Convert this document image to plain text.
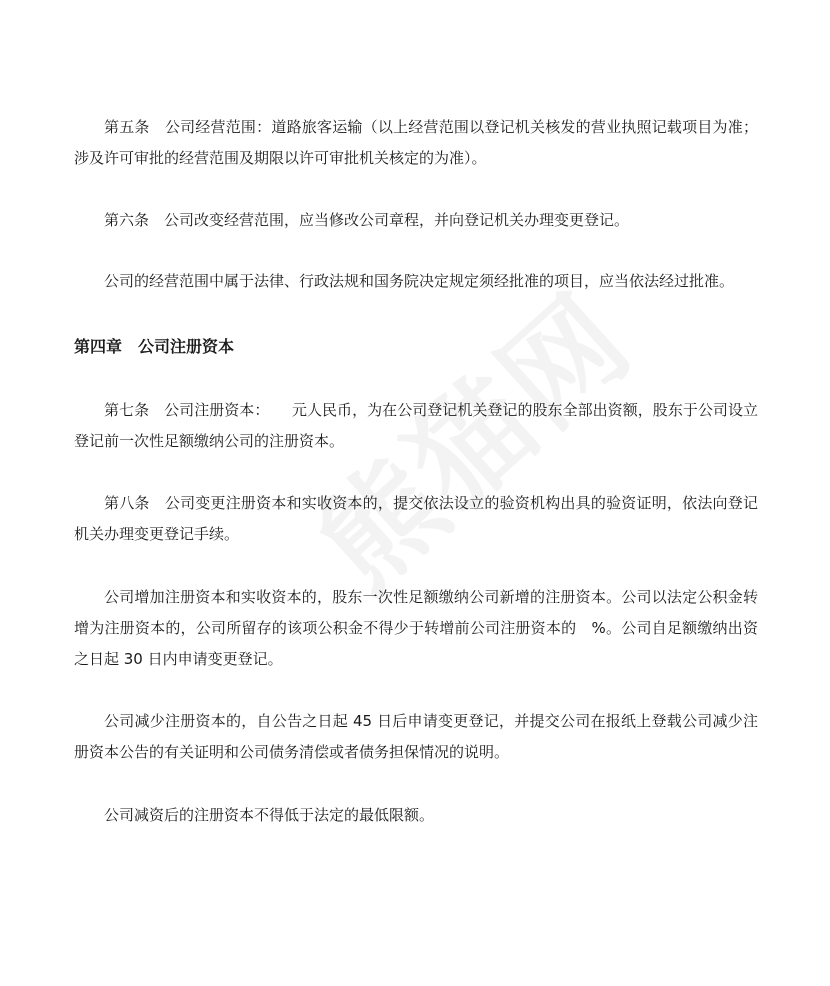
第五条　公司经营范围：道路旅客运输（以上经营范围以登记机关核发的营业执照记载项目为准；涉及许可审批的经营范围及期限以许可审批机关核定的为准）。

第六条　公司改变经营范围，应当修改公司章程，并向登记机关办理变更登记。

公司的经营范围中属于法律、行政法规和国务院决定规定须经批准的项目，应当依法经过批准。

第四章 公司注册资本

第七条　公司注册资本：　　元人民币，为在公司登记机关登记的股东全部出资额，股东于公司设立登记前一次性足额缴纳公司的注册资本。

第八条　公司变更注册资本和实收资本的，提交依法设立的验资机构出具的验资证明，依法向登记机关办理变更登记手续。

公司增加注册资本和实收资本的，股东一次性足额缴纳公司新增的注册资本。公司以法定公积金转增为注册资本的，公司所留存的该项公积金不得少于转增前公司注册资本的　%。公司自足额缴纳出资之日起 30 日内申请变更登记。

公司减少注册资本的，自公告之日起 45 日后申请变更登记，并提交公司在报纸上登载公司减少注册资本公告的有关证明和公司债务清偿或者债务担保情况的说明。

公司减资后的注册资本不得低于法定的最低限额。
